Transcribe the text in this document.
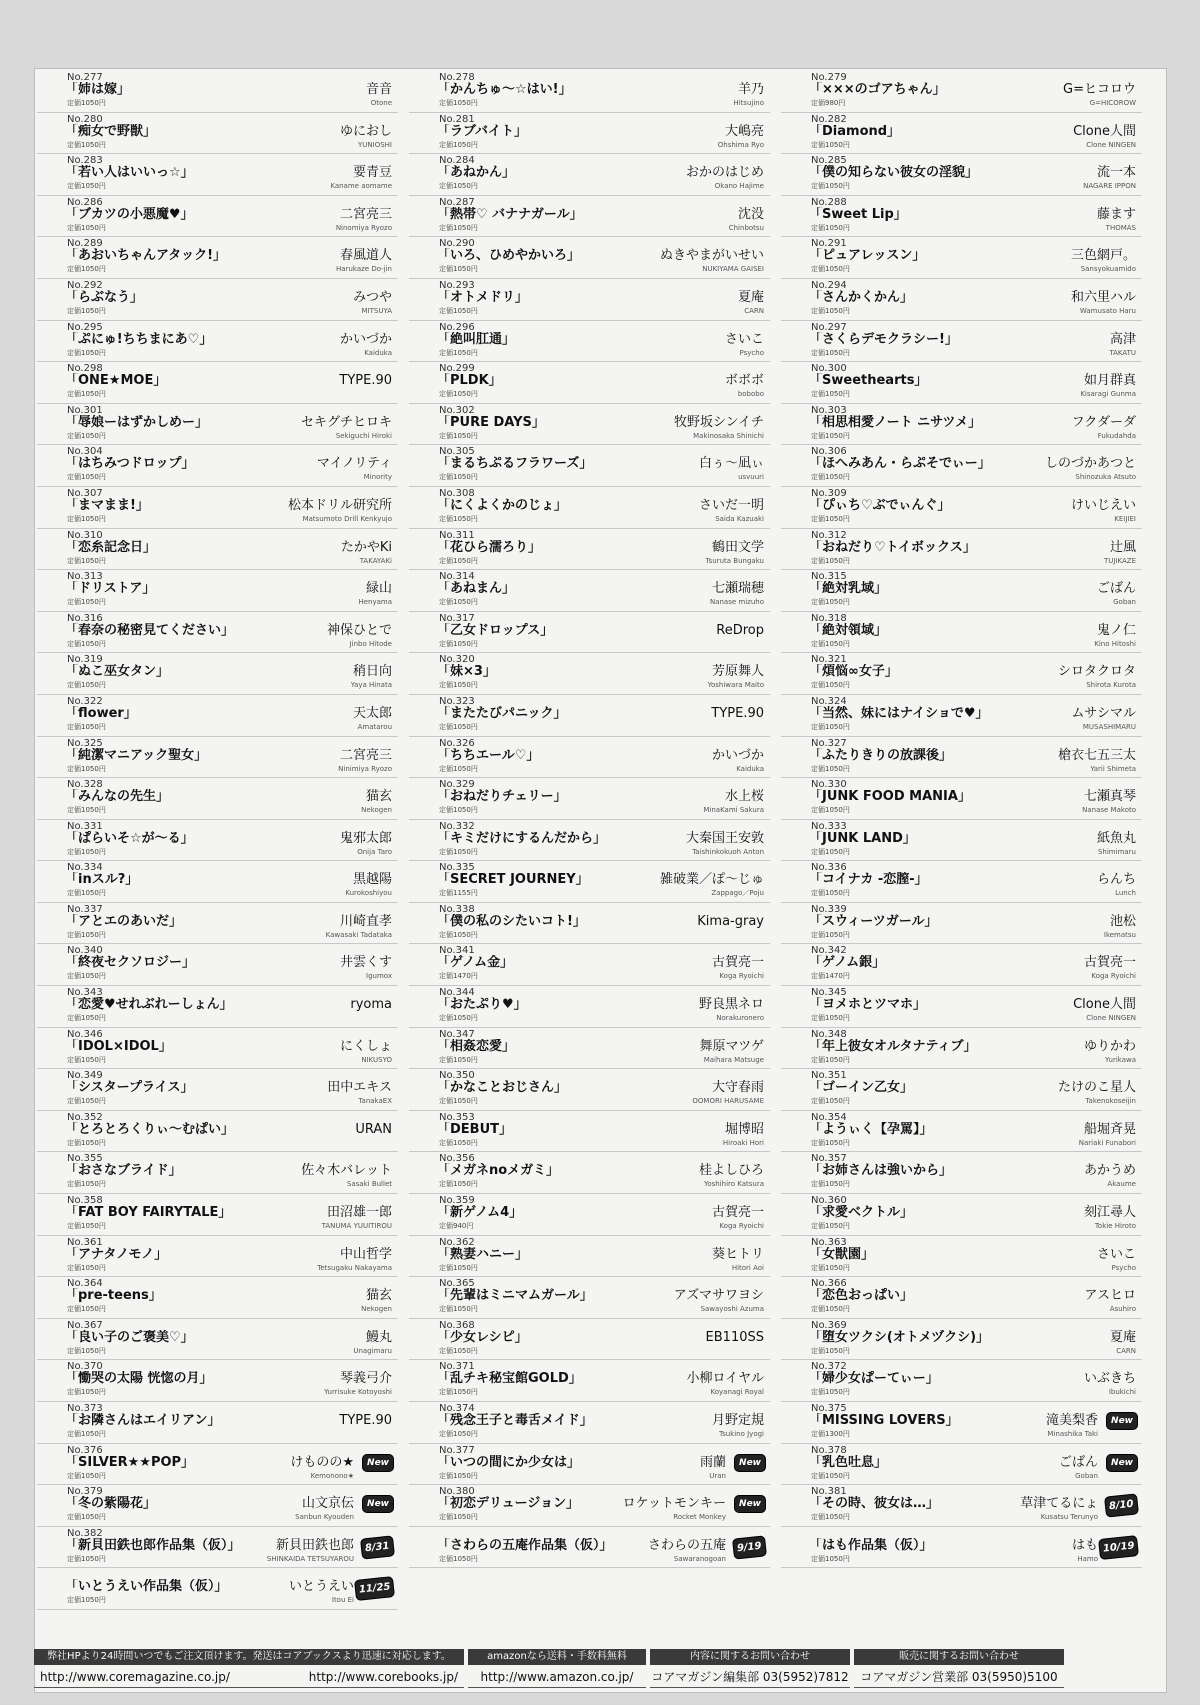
No.277
「姉は嫁」
定価1050円
音音
Otone
No.278
「かんちゅ～☆はい!」
定価1050円
羊乃
Hitsujino
No.279
「×××のゴアちゃん」
定価980円
G=ヒコロウ
G=HICOROW
No.280
「痴女で野獣」
定価1050円
ゆにおし
YUNIOSHI
No.281
「ラブバイト」
定価1050円
大嶋亮
Ohshima Ryo
No.282
「Diamond」
定価1050円
Clone人間
Clone NINGEN
No.283
「若い人はいいっ☆」
定価1050円
要青豆
Kaname aomame
No.284
「あねかん」
定価1050円
おかのはじめ
Okano Hajime
No.285
「僕の知らない彼女の淫貌」
定価1050円
流一本
NAGARE IPPON
No.286
「ブカツの小悪魔♥」
定価1050円
二宮亮三
Ninomiya Ryozo
No.287
「熱帯♡ バナナガール」
定価1050円
沈没
Chinbotsu
No.288
「Sweet Lip」
定価1050円
藤ます
THOMAS
No.289
「あおいちゃんアタック!」
定価1050円
春風道人
Harukaze Do-jin
No.290
「いろ、ひめやかいろ」
定価1050円
ぬきやまがいせい
NUKIYAMA GAISEI
No.291
「ピュアレッスン」
定価1050円
三色網戸。
Sansyokuamido
No.292
「らぶなう」
定価1050円
みつや
MITSUYA
No.293
「オトメドリ」
定価1050円
夏庵
CARN
No.294
「さんかくかん」
定価1050円
和六里ハル
Wamusato Haru
No.295
「ぷにゅ!ちちまにあ♡」
定価1050円
かいづか
Kaiduka
No.296
「絶叫肛通」
定価1050円
さいこ
Psycho
No.297
「さくらデモクラシー!」
定価1050円
高津
TAKATU
No.298
「ONE★MOE」
定価1050円
TYPE.90
No.299
「PLDK」
定価1050円
ボボボ
bobobo
No.300
「Sweethearts」
定価1050円
如月群真
Kisaragi Gunma
No.301
「辱娘ーはずかしめー」
定価1050円
セキグチヒロキ
Sekiguchi Hiroki
No.302
「PURE DAYS」
定価1050円
牧野坂シンイチ
Makinosaka Shinichi
No.303
「相思相愛ノート ニサツメ」
定価1050円
フクダーダ
Fukudahda
No.304
「はちみつドロップ」
定価1050円
マイノリティ
Minority
No.305
「まるちぷるフラワーズ」
定価1050円
白ぅ～凪ぃ
usvuuri
No.306
「ほへみあん・らぷそでぃー」
定価1050円
しのづかあつと
Shinozuka Atsuto
No.307
「まマまま!」
定価1050円
松本ドリル研究所
Matsumoto Drill Kenkyujo
No.308
「にくよくかのじょ」
定価1050円
さいだ一明
Saida Kazuaki
No.309
「ぴぃち♡ぶでぃんぐ」
定価1050円
けいじえい
KEIJIEI
No.310
「恋糸記念日」
定価1050円
たかやKi
TAKAYAKi
No.311
「花ひら濡ろり」
定価1050円
鶴田文学
Tsuruta Bungaku
No.312
「おねだり♡トイボックス」
定価1050円
辻風
TUJIKAZE
No.313
「ドリストア」
定価1050円
緑山
Henyama
No.314
「あねまん」
定価1050円
七瀬瑞穂
Nanase mizuho
No.315
「絶対乳域」
定価1050円
ごばん
Goban
No.316
「春奈の秘密見てください」
定価1050円
神保ひとで
Jinbo Hitode
No.317
「乙女ドロップス」
定価1050円
ReDrop
No.318
「絶対領域」
定価1050円
鬼ノ仁
Kino Hitoshi
No.319
「ぬこ巫女タン」
定価1050円
稍日向
Yaya Hinata
No.320
「妹×3」
定価1050円
芳原舞人
Yoshiwara Maito
No.321
「煩悩∞女子」
定価1050円
シロタクロタ
Shirota Kurota
No.322
「flower」
定価1050円
天太郎
Amatarou
No.323
「またたびパニック」
定価1050円
TYPE.90
No.324
「当然、妹にはナイショで♥」
定価1050円
ムサシマル
MUSASHIMARU
No.325
「純潔マニアック聖女」
定価1050円
二宮亮三
Ninimiya Ryozo
No.326
「ちちエール♡」
定価1050円
かいづか
Kaiduka
No.327
「ふたりきりの放課後」
定価1050円
槍衣七五三太
Yarii Shimeta
No.328
「みんなの先生」
定価1050円
猫玄
Nekogen
No.329
「おねだりチェリー」
定価1050円
水上桜
MinaKami Sakura
No.330
「JUNK FOOD MANIA」
定価1050円
七瀬真琴
Nanase Makoto
No.331
「ぱらいそ☆が～る」
定価1050円
鬼邪太郎
Onija Taro
No.332
「キミだけにするんだから」
定価1050円
大秦国王安敦
Taishinkokuoh Anton
No.333
「JUNK LAND」
定価1050円
紙魚丸
Shimimaru
No.334
「inスル?」
定価1050円
黒越陽
Kurokoshiyou
No.335
「SECRET JOURNEY」
定価1155円
雑破業／ぽ～じゅ
Zappago／Poju
No.336
「コイナカ -恋膣-」
定価1050円
らんち
Lunch
No.337
「アとエのあいだ」
定価1050円
川崎直孝
Kawasaki Tadataka
No.338
「僕の私のシたいコト!」
定価1050円
Kima-gray
No.339
「スウィーツガール」
定価1050円
池松
Ikematsu
No.340
「終夜セクソロジー」
定価1050円
井雲くす
Igumox
No.341
「ゲノム金」
定価1470円
古賀亮一
Koga Ryoichi
No.342
「ゲノム銀」
定価1470円
古賀亮一
Koga Ryoichi
No.343
「恋愛♥せれぶれーしょん」
定価1050円
ryoma
No.344
「おたぷり♥」
定価1050円
野良黒ネロ
Norakuronero
No.345
「ヨメホとツマホ」
定価1050円
Clone人間
Clone NINGEN
No.346
「IDOL×IDOL」
定価1050円
にくしょ
NIKUSYO
No.347
「相姦恋愛」
定価1050円
舞原マツゲ
Maihara Matsuge
No.348
「年上彼女オルタナティブ」
定価1050円
ゆりかわ
Yurikawa
No.349
「シスタープライス」
定価1050円
田中エキス
TanakaEX
No.350
「かなことおじさん」
定価1050円
大守春雨
OOMORI HARUSAME
No.351
「ゴーイン乙女」
定価1050円
たけのこ星人
Takenokoseijin
No.352
「とろとろくりぃ～むぱい」
定価1050円
URAN
No.353
「DEBUT」
定価1050円
堀博昭
Hiroaki Hori
No.354
「ようぃく【孕罵】」
定価1050円
船堀斉晃
Nariaki Funabori
No.355
「おさなブライド」
定価1050円
佐々木バレット
Sasaki Bullet
No.356
「メガネnoメガミ」
定価1050円
桂よしひろ
Yoshihiro Katsura
No.357
「お姉さんは強いから」
定価1050円
あかうめ
Akaume
No.358
「FAT BOY FAIRYTALE」
定価1050円
田沼雄一郎
TANUMA YUUITIROU
No.359
「新ゲノム4」
定価940円
古賀亮一
Koga Ryoichi
No.360
「求愛ベクトル」
定価1050円
刻江尋人
Tokie Hiroto
No.361
「アナタノモノ」
定価1050円
中山哲学
Tetsugaku Nakayama
No.362
「熟妻ハニー」
定価1050円
葵ヒトリ
Hitori Aoi
No.363
「女獣園」
定価1050円
さいこ
Psycho
No.364
「pre-teens」
定価1050円
猫玄
Nekogen
No.365
「先輩はミニマムガール」
定価1050円
アズマサワヨシ
Sawayoshi Azuma
No.366
「恋色おっぱい」
定価1050円
アスヒロ
Asuhiro
No.367
「良い子のご褒美♡」
定価1050円
鰻丸
Unagimaru
No.368
「少女レシピ」
定価1050円
EB110SS
No.369
「堕女ツクシ(オトメヅクシ)」
定価1050円
夏庵
CARN
No.370
「慟哭の太陽 恍惚の月」
定価1050円
琴義弓介
Yurrisuke Kotoyoshi
No.371
「乱チキ秘宝館GOLD」
定価1050円
小柳ロイヤル
Koyanagi Royal
No.372
「婦少女ぱーてぃー」
定価1050円
いぶきち
Ibukichi
No.373
「お隣さんはエイリアン」
定価1050円
TYPE.90
No.374
「残念王子と毒舌メイド」
定価1050円
月野定規
Tsukino Jyogi
No.375
「MISSING LOVERS」
定価1300円
滝美梨香
Minashika Taki
New
No.376
「SILVER★★POP」
定価1050円
けものの★
Kemonono★
New
No.377
「いつの間にか少女は」
定価1050円
雨蘭
Uran
New
No.378
「乳色吐息」
定価1050円
ごばん
Goban
New
No.379
「冬の紫陽花」
定価1050円
山文京伝
Sanbun Kyouden
New
No.380
「初恋デリュージョン」
定価1050円
ロケットモンキー
Rocket Monkey
New
No.381
「その時、彼女は…」
定価1050円
草津てるにょ
Kusatsu Terunyo
8/10
No.382
「新貝田鉄也郎作品集（仮）」
定価1050円
新貝田鉄也郎
SHINKAIDA TETSUYAROU
8/31	「さわらの五庵作品集（仮）」
定価1050円
さわらの五庵
Sawaranogoan
9/19	「はも作品集（仮）」
定価1050円
はも
Hamo
10/19
「いとうえい作品集（仮）」
定価1050円
いとうえい
Itou Ei
11/25
弊社HPより24時間いつでもご注文頂けます。発送はコアブックスより迅速に対応します。
http://www.coremagazine.co.jp/	http://www.corebooks.jp/
amazonなら送料・手数料無料
http://www.amazon.co.jp/
内容に関するお問い合わせ
コアマガジン編集部 03(5952)7812
販売に関するお問い合わせ
コアマガジン営業部 03(5950)5100
